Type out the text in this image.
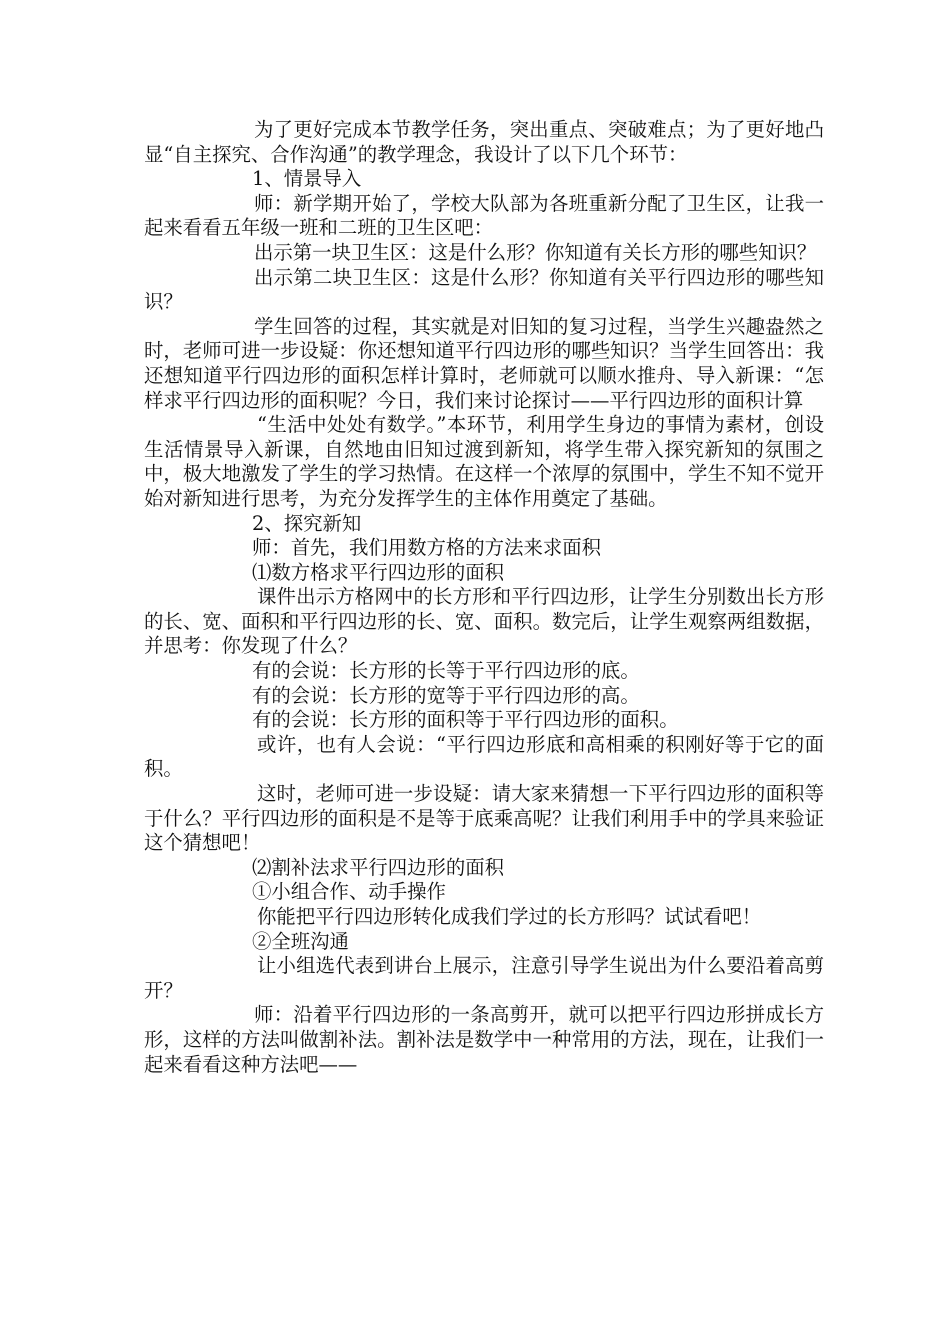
为了更好完成本节教学任务，突出重点、突破难点；为了更好地凸显“自主探究、合作沟通”的教学理念，我设计了以下几个环节：

1、情景导入

师：新学期开始了，学校大队部为各班重新分配了卫生区，让我一起来看看五年级一班和二班的卫生区吧：

出示第一块卫生区：这是什么形？你知道有关长方形的哪些知识？

出示第二块卫生区：这是什么形？你知道有关平行四边形的哪些知识？

学生回答的过程，其实就是对旧知的复习过程，当学生兴趣盎然之时，老师可进一步设疑：你还想知道平行四边形的哪些知识？当学生回答出：我还想知道平行四边形的面积怎样计算时，老师就可以顺水推舟、导入新课：“怎样求平行四边形的面积呢？今日，我们来讨论探讨——平行四边形的面积计算

“生活中处处有数学。”本环节，利用学生身边的事情为素材，创设生活情景导入新课，自然地由旧知过渡到新知，将学生带入探究新知的氛围之中，极大地激发了学生的学习热情。在这样一个浓厚的氛围中，学生不知不觉开始对新知进行思考，为充分发挥学生的主体作用奠定了基础。

2、探究新知

师：首先，我们用数方格的方法来求面积

⑴数方格求平行四边形的面积

课件出示方格网中的长方形和平行四边形，让学生分别数出长方形的长、宽、面积和平行四边形的长、宽、面积。数完后，让学生观察两组数据，并思考：你发现了什么？

有的会说：长方形的长等于平行四边形的底。

有的会说：长方形的宽等于平行四边形的高。

有的会说：长方形的面积等于平行四边形的面积。

或许，也有人会说：“平行四边形底和高相乘的积刚好等于它的面积。

这时，老师可进一步设疑：请大家来猜想一下平行四边形的面积等于什么？平行四边形的面积是不是等于底乘高呢？让我们利用手中的学具来验证这个猜想吧！

⑵割补法求平行四边形的面积

①小组合作、动手操作

你能把平行四边形转化成我们学过的长方形吗？试试看吧！

②全班沟通

让小组选代表到讲台上展示，注意引导学生说出为什么要沿着高剪开？

师：沿着平行四边形的一条高剪开，就可以把平行四边形拼成长方形，这样的方法叫做割补法。割补法是数学中一种常用的方法，现在，让我们一起来看看这种方法吧——
